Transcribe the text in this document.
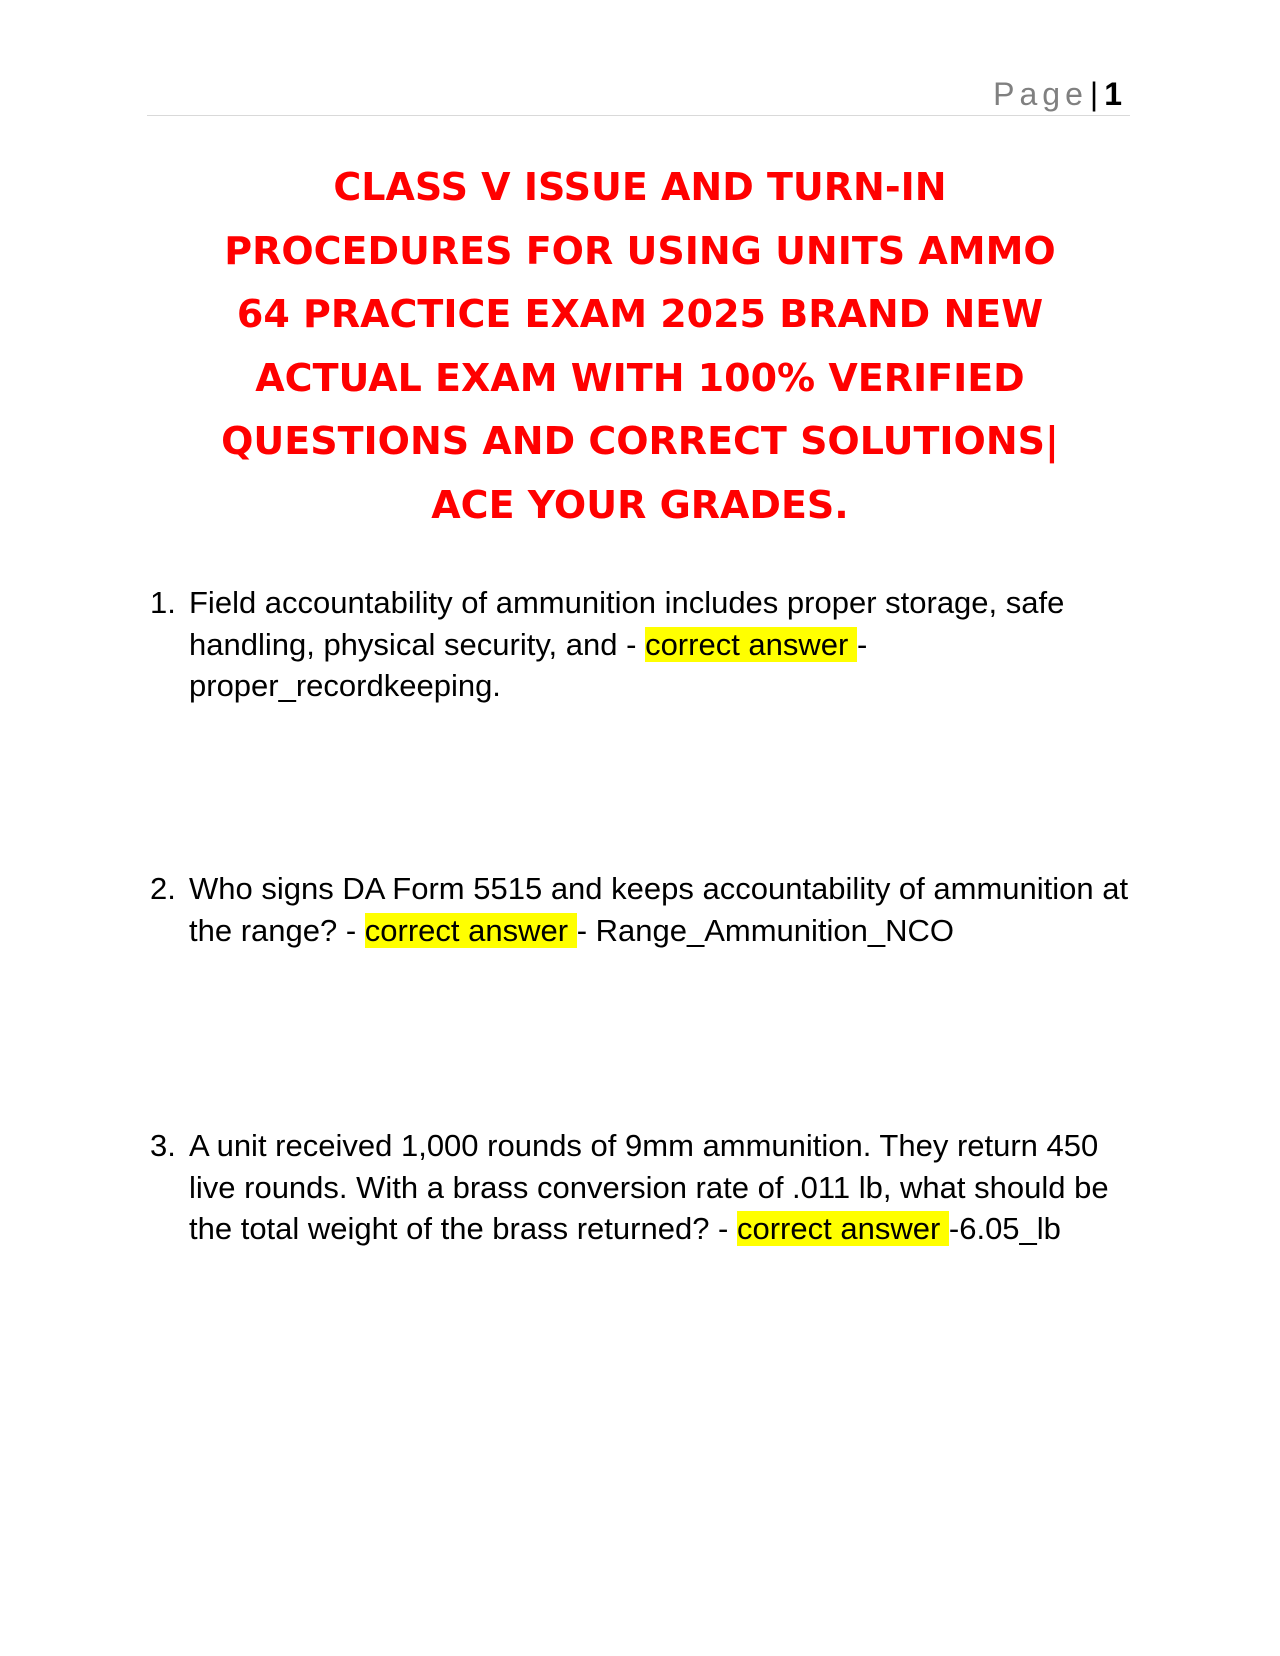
Page| 1
CLASS V ISSUE AND TURN-IN
PROCEDURES FOR USING UNITS AMMO
64 PRACTICE EXAM 2025 BRAND NEW
ACTUAL EXAM WITH 100% VERIFIED
QUESTIONS AND CORRECT SOLUTIONS|
ACE YOUR GRADES.
1. Field accountability of ammunition includes proper storage, safe handling, physical security, and - correct answer - proper_recordkeeping.
2. Who signs DA Form 5515 and keeps accountability of ammunition at the range? - correct answer - Range_Ammunition_NCO
3. A unit received 1,000 rounds of 9mm ammunition. They return 450 live rounds. With a brass conversion rate of .011 lb, what should be the total weight of the brass returned? - correct answer -6.05_lb
